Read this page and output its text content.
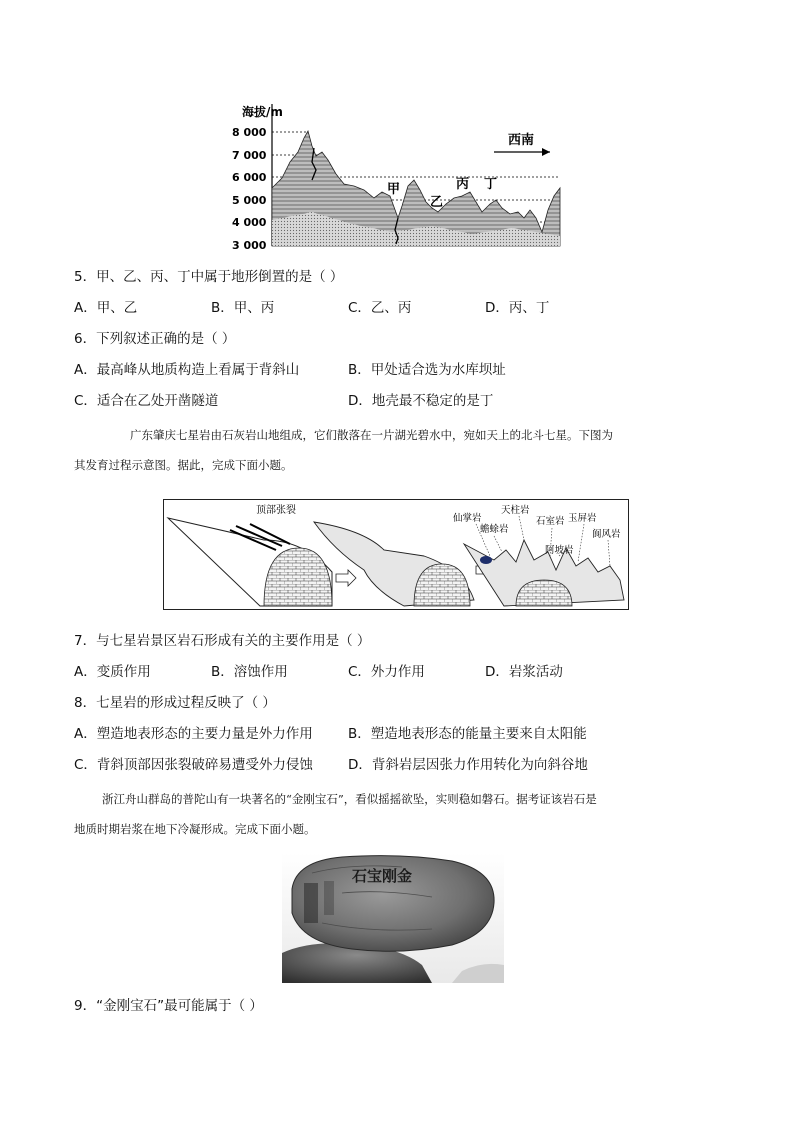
海拔/m
8 000
7 000
6 000
5 000
4 000
3 000
甲
乙
丙 丁
西南
5．甲、乙、丙、丁中属于地形倒置的是（ ）
A．甲、乙	B．甲、丙	C．乙、丙	D．丙、丁
6．下列叙述正确的是（ ）
A．最高峰从地质构造上看属于背斜山	B．甲处适合选为水库坝址
C．适合在乙处开凿隧道	D．地壳最不稳定的是丁
广东肇庆七星岩由石灰岩山地组成，它们散落在一片湖光碧水中，宛如天上的北斗七星。下图为
其发育过程示意图。据此，完成下面小题。
顶部张裂
仙掌岩
蟾蜍岩
天柱岩
石室岩
阿坡岩
玉屏岩
阆风岩
7．与七星岩景区岩石形成有关的主要作用是（ ）
A．变质作用	B．溶蚀作用	C．外力作用	D．岩浆活动
8．七星岩的形成过程反映了（ ）
A．塑造地表形态的主要力量是外力作用	B．塑造地表形态的能量主要来自太阳能
C．背斜顶部因张裂破碎易遭受外力侵蚀	D．背斜岩层因张力作用转化为向斜谷地
浙江舟山群岛的普陀山有一块著名的“金刚宝石”，看似摇摇欲坠，实则稳如磐石。据考证该岩石是
地质时期岩浆在地下冷凝形成。完成下面小题。
石宝刚金
9．“金刚宝石”最可能属于（ ）
